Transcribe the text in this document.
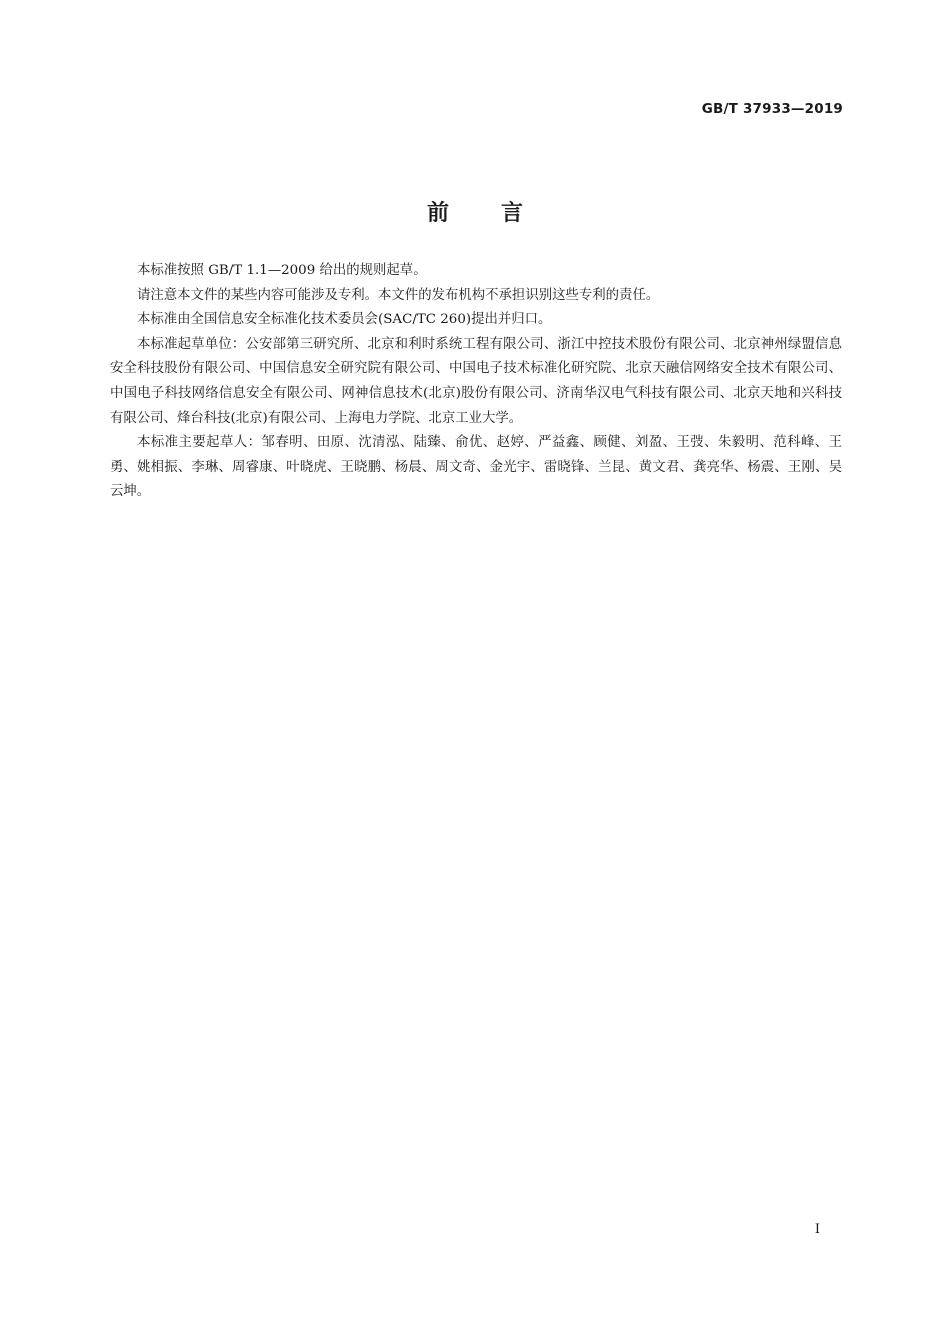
GB/T 37933—2019
前言

本标准按照 GB/T 1.1—2009 给出的规则起草。

请注意本文件的某些内容可能涉及专利。本文件的发布机构不承担识别这些专利的责任。

本标准由全国信息安全标准化技术委员会(SAC/TC 260)提出并归口。

本标准起草单位：公安部第三研究所、北京和利时系统工程有限公司、浙江中控技术股份有限公司、北京神州绿盟信息安全科技股份有限公司、中国信息安全研究院有限公司、中国电子技术标准化研究院、北京天融信网络安全技术有限公司、中国电子科技网络信息安全有限公司、网神信息技术(北京)股份有限公司、济南华汉电气科技有限公司、北京天地和兴科技有限公司、烽台科技(北京)有限公司、上海电力学院、北京工业大学。

本标准主要起草人：邹春明、田原、沈清泓、陆臻、俞优、赵婷、严益鑫、顾健、刘盈、王弢、朱毅明、范科峰、王勇、姚相振、李琳、周睿康、叶晓虎、王晓鹏、杨晨、周文奇、金光宇、雷晓锋、兰昆、黄文君、龚亮华、杨震、王刚、吴云坤。

I
